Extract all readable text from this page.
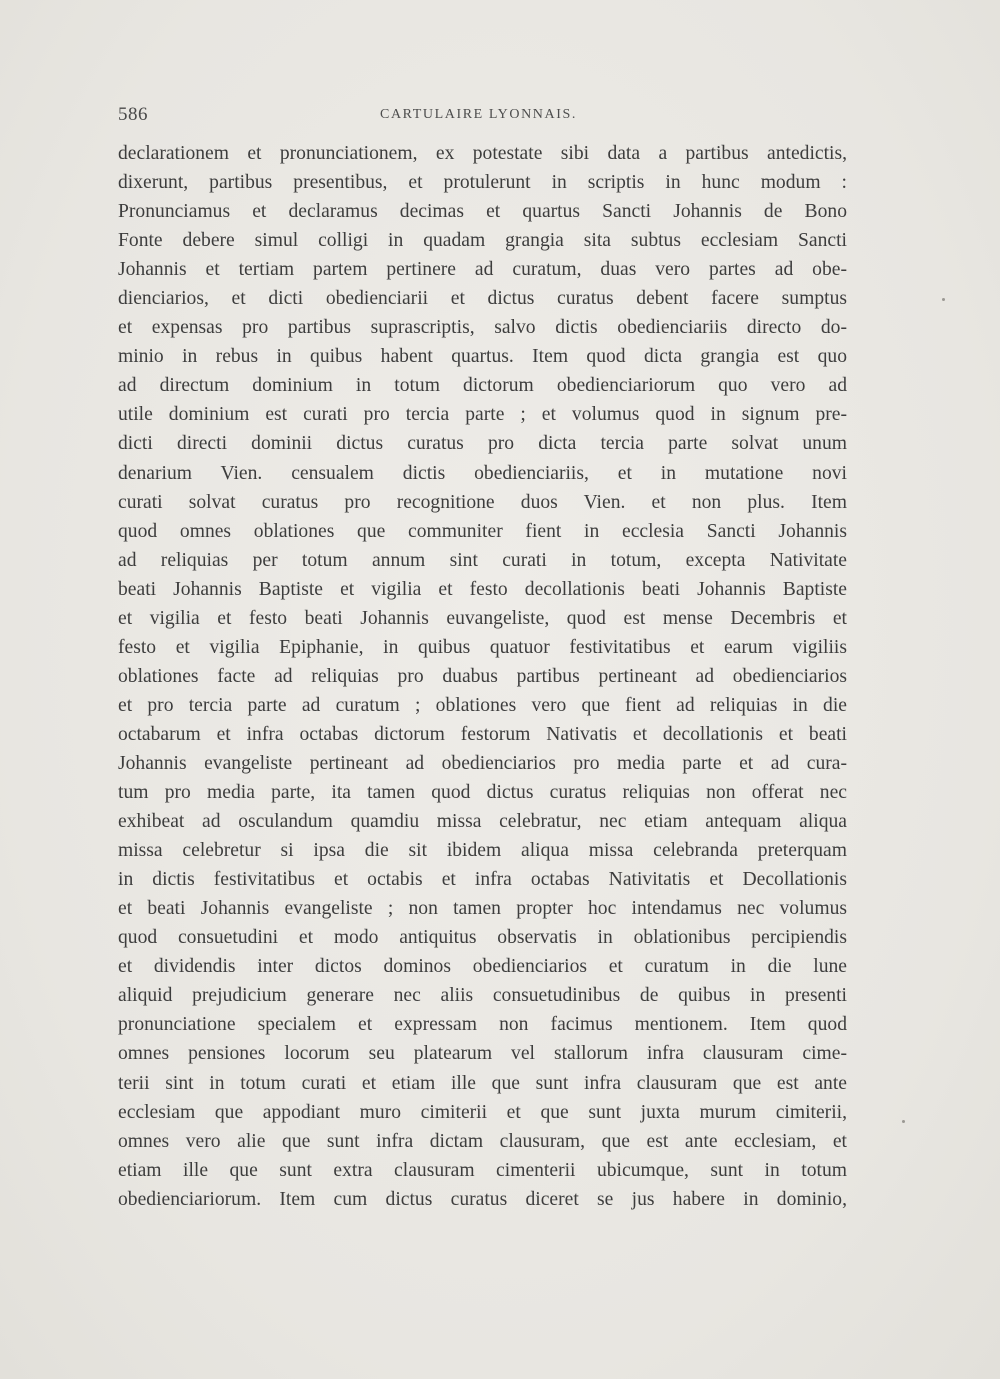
586	CARTULAIRE LYONNAIS.
declarationem et pronunciationem, ex potestate sibi data a partibus antedictis,
dixerunt, partibus presentibus, et protulerunt in scriptis in hunc modum :
Pronunciamus et declaramus decimas et quartus Sancti Johannis de Bono
Fonte debere simul colligi in quadam grangia sita subtus ecclesiam Sancti
Johannis et tertiam partem pertinere ad curatum, duas vero partes ad obe-
dienciarios, et dicti obedienciarii et dictus curatus debent facere sumptus
et expensas pro partibus suprascriptis, salvo dictis obedienciariis directo do-
minio in rebus in quibus habent quartus. Item quod dicta grangia est quo
ad directum dominium in totum dictorum obedienciariorum quo vero ad
utile dominium est curati pro tercia parte ; et volumus quod in signum pre-
dicti directi dominii dictus curatus pro dicta tercia parte solvat unum
denarium Vien. censualem dictis obedienciariis, et in mutatione novi
curati solvat curatus pro recognitione duos Vien. et non plus. Item
quod omnes oblationes que communiter fient in ecclesia Sancti Johannis
ad reliquias per totum annum sint curati in totum, excepta Nativitate
beati Johannis Baptiste et vigilia et festo decollationis beati Johannis Baptiste
et vigilia et festo beati Johannis euvangeliste, quod est mense Decembris et
festo et vigilia Epiphanie, in quibus quatuor festivitatibus et earum vigiliis
oblationes facte ad reliquias pro duabus partibus pertineant ad obedienciarios
et pro tercia parte ad curatum ; oblationes vero que fient ad reliquias in die
octabarum et infra octabas dictorum festorum Nativatis et decollationis et beati
Johannis evangeliste pertineant ad obedienciarios pro media parte et ad cura-
tum pro media parte, ita tamen quod dictus curatus reliquias non offerat nec
exhibeat ad osculandum quamdiu missa celebratur, nec etiam antequam aliqua
missa celebretur si ipsa die sit ibidem aliqua missa celebranda preterquam
in dictis festivitatibus et octabis et infra octabas Nativitatis et Decollationis
et beati Johannis evangeliste ; non tamen propter hoc intendamus nec volumus
quod consuetudini et modo antiquitus observatis in oblationibus percipiendis
et dividendis inter dictos dominos obedienciarios et curatum in die lune
aliquid prejudicium generare nec aliis consuetudinibus de quibus in presenti
pronunciatione specialem et expressam non facimus mentionem. Item quod
omnes pensiones locorum seu platearum vel stallorum infra clausuram cime-
terii sint in totum curati et etiam ille que sunt infra clausuram que est ante
ecclesiam que appodiant muro cimiterii et que sunt juxta murum cimiterii,
omnes vero alie que sunt infra dictam clausuram, que est ante ecclesiam, et
etiam ille que sunt extra clausuram cimenterii ubicumque, sunt in totum
obedienciariorum. Item cum dictus curatus diceret se jus habere in dominio,
